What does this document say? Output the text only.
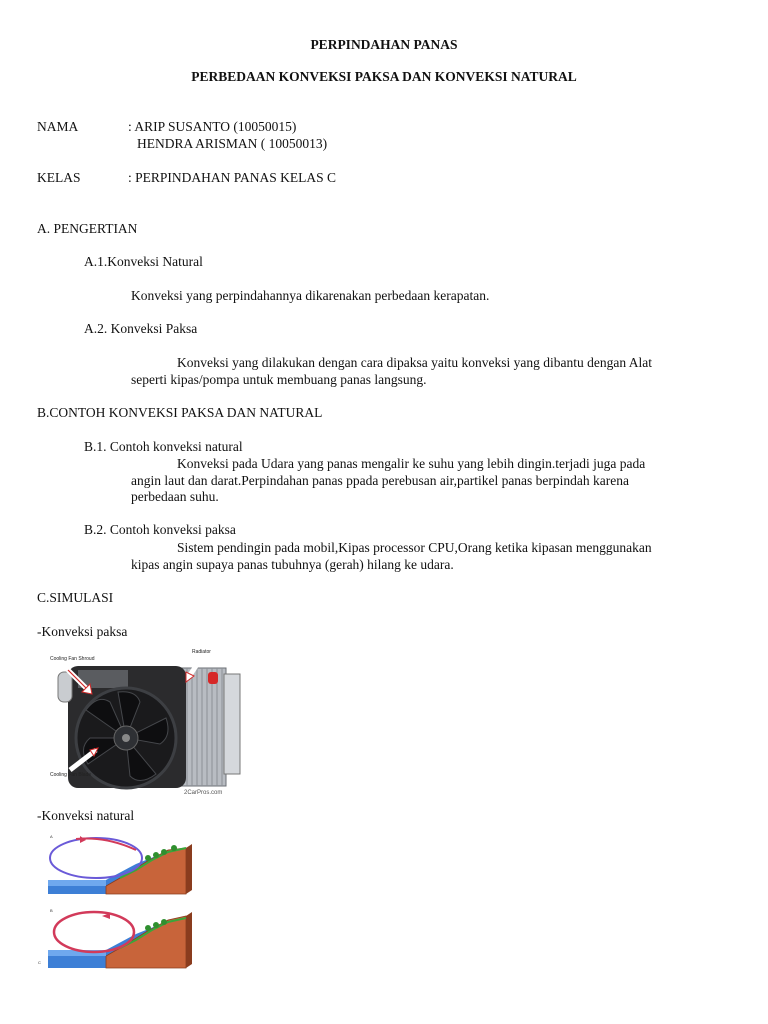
PERPINDAHAN PANAS
PERBEDAAN KONVEKSI PAKSA DAN KONVEKSI NATURAL
NAMA	: ARIP SUSANTO (10050015)
HENDRA ARISMAN ( 10050013)
KELAS	: PERPINDAHAN PANAS KELAS C
A. PENGERTIAN
A.1.Konveksi Natural
Konveksi yang perpindahannya dikarenakan perbedaan kerapatan.
A.2. Konveksi Paksa
Konveksi yang dilakukan dengan cara dipaksa yaitu konveksi yang dibantu dengan Alat
seperti kipas/pompa untuk membuang panas langsung.
B.CONTOH KONVEKSI PAKSA DAN NATURAL
B.1. Contoh konveksi natural
Konveksi pada Udara yang panas mengalir ke suhu yang lebih dingin.terjadi juga pada
angin laut dan darat.Perpindahan panas ppada perebusan air,partikel panas berpindah karena
perbedaan suhu.
B.2. Contoh konveksi paksa
Sistem pendingin pada mobil,Kipas processor CPU,Orang ketika kipasan menggunakan
kipas angin supaya panas tubuhnya (gerah) hilang ke udara.
C.SIMULASI
-Konveksi paksa
Cooling Fan Shroud
Radiator
Cooling Fan Blade
2CarPros.com
-Konveksi natural
A
B
C
